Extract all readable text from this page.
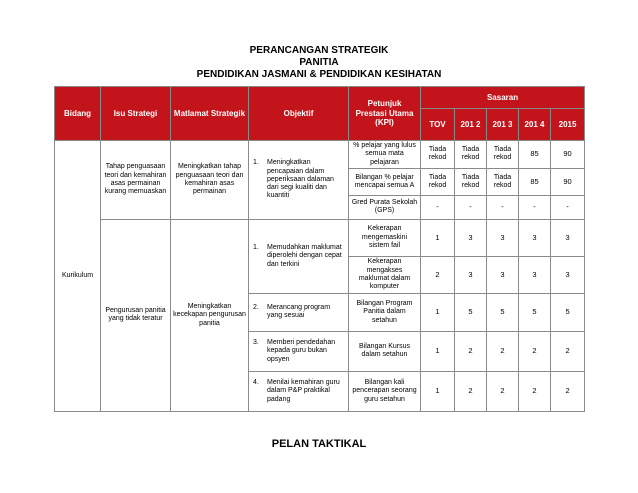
PERANCANGAN STRATEGIK
PANITIA
PENDIDIKAN JASMANI & PENDIDIKAN KESIHATAN
Bidang	Isu Strategi	Matlamat Strategik	Objektif	Petunjuk Prestasi Utama (KPI)	Sasaran				
					TOV	201 2	201 3	201 4	2015
Kurikulum	Tahap penguasaan teori dan kemahiran asas permainan kurang memuaskan	Meningkatkan tahap penguasaan teori dan kemahiran asas permainan	1. Meningkatkan pencapaian dalam peperiksaan dalaman dari segi kualiti dan kuantiti	% pelajar yang lulus semua mata pelajaran	Tiada rekod	Tiada rekod	Tiada rekod	85	90
				Bilangan % pelajar mencapai semua A	Tiada rekod	Tiada rekod	Tiada rekod	85	90
				Gred Purata Sekolah (GPS)	-	-	-	-	-
	Pengurusan panitia yang tidak teratur	Meningkatkan kecekapan pengurusan panitia	1. Memudahkan maklumat diperolehi dengan cepat dan terkini	Kekerapan mengemaskini sistem fail	1	3	3	3	3
				Kekerapan mengakses maklumat dalam komputer	2	3	3	3	3

			2. Merancang program yang sesuai	Bilangan Program Panitia dalam setahun	1	5	5	5	5

			3. Memberi pendedahan kepada guru bukan opsyen	Bilangan Kursus dalam setahun	1	2	2	2	2

			4. Menilai kemahiran guru dalam P&P praktikal padang	Bilangan kali pencerapan seorang guru setahun	1	2	2	2	2
PELAN TAKTIKAL
